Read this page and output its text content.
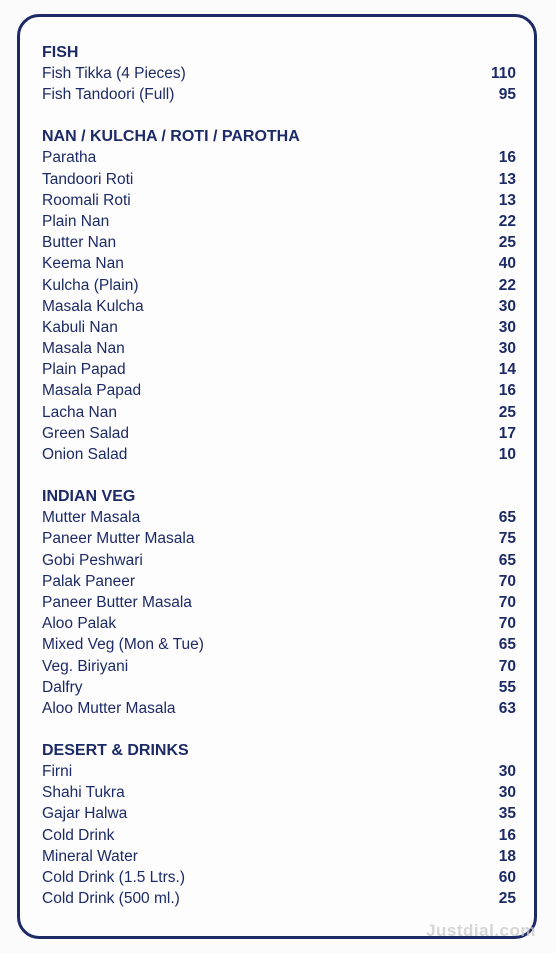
FISH
Fish Tikka (4 Pieces)	110
Fish Tandoori (Full)	95
NAN / KULCHA / ROTI / PAROTHA
Paratha	16
Tandoori Roti	13
Roomali Roti	13
Plain Nan	22
Butter Nan	25
Keema Nan	40
Kulcha (Plain)	22
Masala Kulcha	30
Kabuli Nan	30
Masala Nan	30
Plain Papad	14
Masala Papad	16
Lacha Nan	25
Green Salad	17
Onion Salad	10
INDIAN VEG
Mutter Masala	65
Paneer Mutter Masala	75
Gobi Peshwari	65
Palak Paneer	70
Paneer Butter Masala	70
Aloo Palak	70
Mixed Veg (Mon & Tue)	65
Veg. Biriyani	70
Dalfry	55
Aloo Mutter Masala	63
DESERT & DRINKS
Firni	30
Shahi Tukra	30
Gajar Halwa	35
Cold Drink	16
Mineral Water	18
Cold Drink (1.5 Ltrs.)	60
Cold Drink (500 ml.)	25
Justdial.com
